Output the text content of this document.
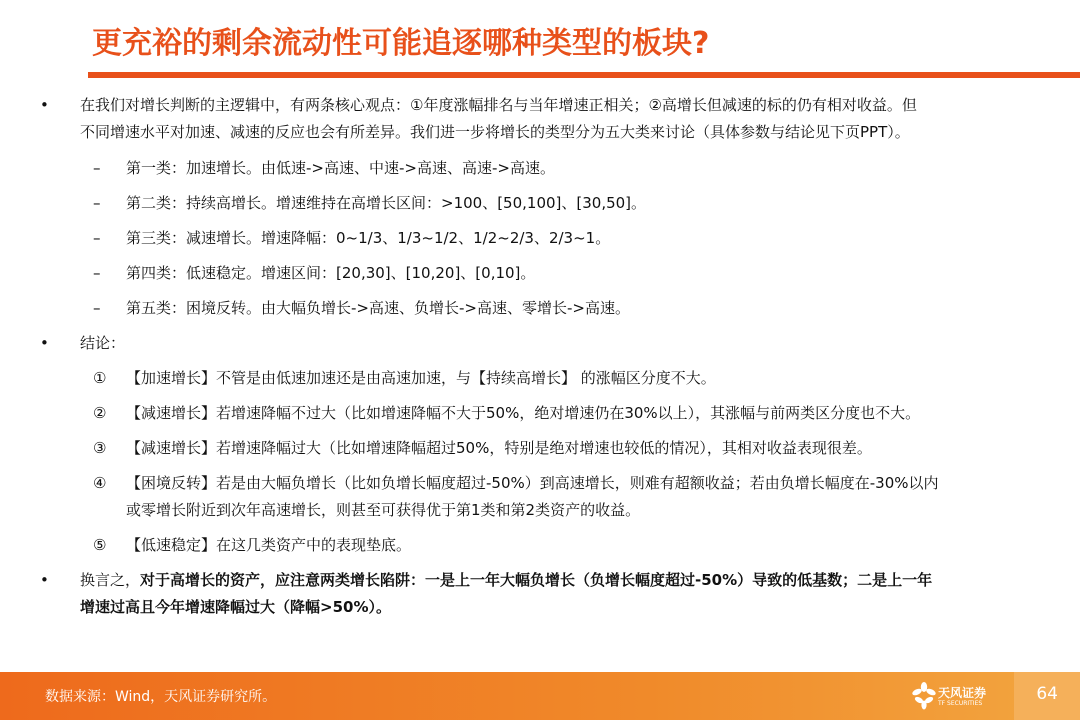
更充裕的剩余流动性可能追逐哪种类型的板块?
• 在我们对增长判断的主逻辑中，有两条核心观点：①年度涨幅排名与当年增速正相关；②高增长但减速的标的仍有相对收益。但
不同增速水平对加速、减速的反应也会有所差异。我们进一步将增长的类型分为五大类来讨论（具体参数与结论见下页PPT）。
– 第一类：加速增长。由低速->高速、中速->高速、高速->高速。
– 第二类：持续高增长。增速维持在高增长区间：>100、[50,100]、[30,50]。
– 第三类：减速增长。增速降幅：0~1/3、1/3~1/2、1/2~2/3、2/3~1。
– 第四类：低速稳定。增速区间：[20,30]、[10,20]、[0,10]。
– 第五类：困境反转。由大幅负增长->高速、负增长->高速、零增长->高速。
• 结论：
① 【加速增长】不管是由低速加速还是由高速加速，与【持续高增长】 的涨幅区分度不大。
② 【减速增长】若增速降幅不过大（比如增速降幅不大于50%，绝对增速仍在30%以上），其涨幅与前两类区分度也不大。
③ 【减速增长】若增速降幅过大（比如增速降幅超过50%，特别是绝对增速也较低的情况），其相对收益表现很差。
④ 【困境反转】若是由大幅负增长（比如负增长幅度超过-50%）到高速增长，则难有超额收益；若由负增长幅度在-30%以内
或零增长附近到次年高速增长，则甚至可获得优于第1类和第2类资产的收益。
⑤ 【低速稳定】在这几类资产中的表现垫底。
• 换言之，对于高增长的资产，应注意两类增长陷阱：一是上一年大幅负增长（负增长幅度超过-50%）导致的低基数；二是上一年
增速过高且今年增速降幅过大（降幅>50%）。
数据来源：Wind，天风证券研究所。	天风证券
TF SECURITIES	64
